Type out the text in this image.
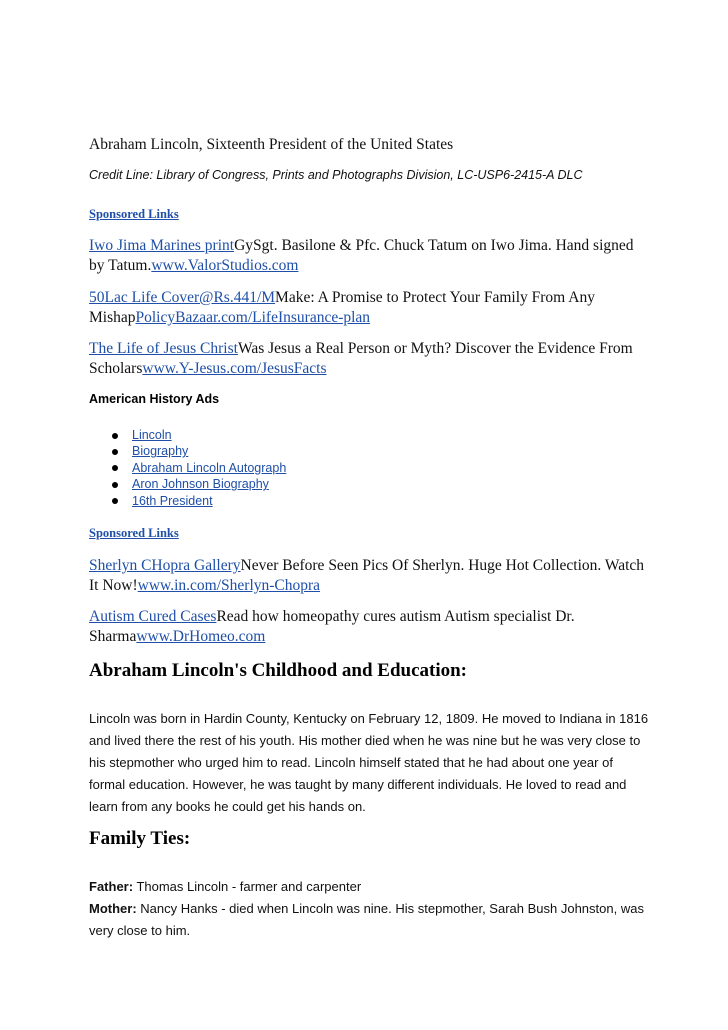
Abraham Lincoln, Sixteenth President of the United States
Credit Line: Library of Congress, Prints and Photographs Division, LC-USP6-2415-A DLC
Sponsored Links
Iwo Jima Marines printGySgt. Basilone & Pfc. Chuck Tatum on Iwo Jima. Hand signed by Tatum.www.ValorStudios.com
50Lac Life Cover@Rs.441/MMake: A Promise to Protect Your Family From Any MishapPolicyBazaar.com/LifeInsurance-plan
The Life of Jesus ChristWas Jesus a Real Person or Myth? Discover the Evidence From Scholarswww.Y-Jesus.com/JesusFacts
American History Ads
Lincoln
Biography
Abraham Lincoln Autograph
Aron Johnson Biography
16th President
Sponsored Links
Sherlyn CHopra GalleryNever Before Seen Pics Of Sherlyn. Huge Hot Collection. Watch It Now!www.in.com/Sherlyn-Chopra
Autism Cured CasesRead how homeopathy cures autism Autism specialist Dr. Sharmawww.DrHomeo.com
Abraham Lincoln's Childhood and Education:
Lincoln was born in Hardin County, Kentucky on February 12, 1809. He moved to Indiana in 1816 and lived there the rest of his youth. His mother died when he was nine but he was very close to his stepmother who urged him to read. Lincoln himself stated that he had about one year of formal education. However, he was taught by many different individuals. He loved to read and learn from any books he could get his hands on.
Family Ties:
Father: Thomas Lincoln - farmer and carpenter
Mother: Nancy Hanks - died when Lincoln was nine. His stepmother, Sarah Bush Johnston, was very close to him.
